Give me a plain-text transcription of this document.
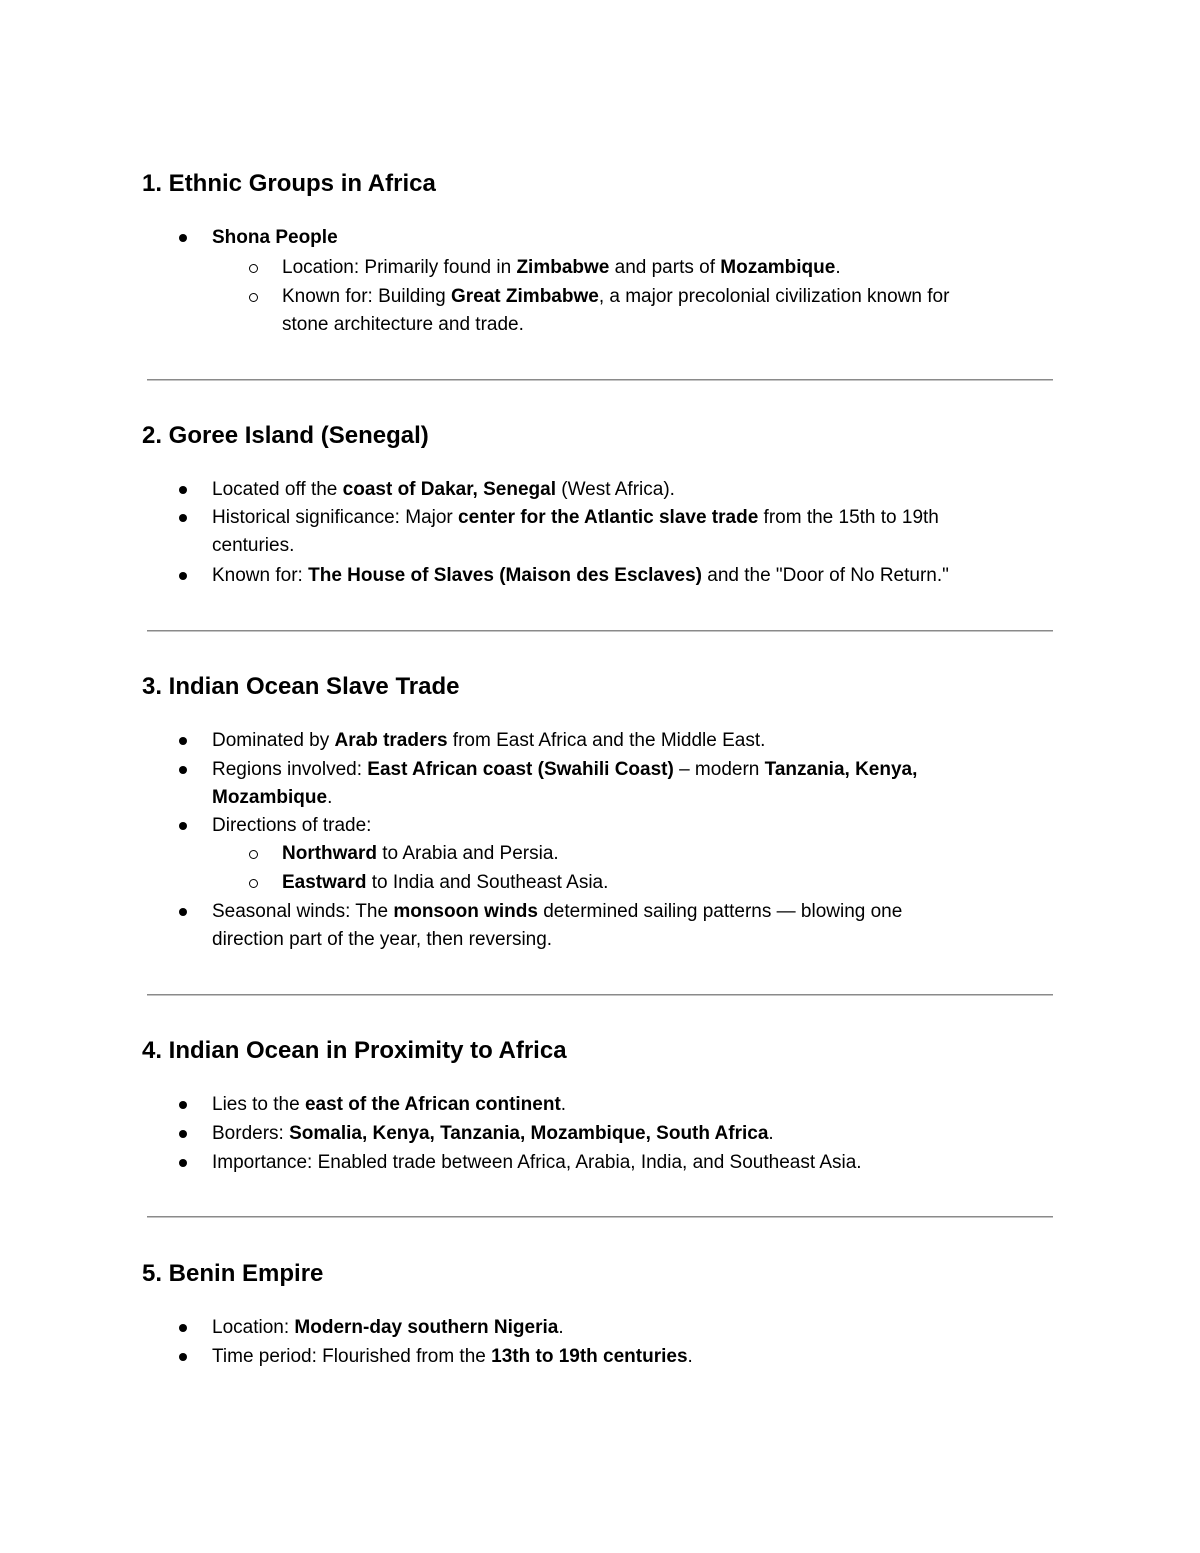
1. Ethnic Groups in Africa
Shona People
Location: Primarily found in Zimbabwe and parts of Mozambique.
Known for: Building Great Zimbabwe, a major precolonial civilization known for
stone architecture and trade.
2. Goree Island (Senegal)
Located off the coast of Dakar, Senegal (West Africa).
Historical significance: Major center for the Atlantic slave trade from the 15th to 19th
centuries.
Known for: The House of Slaves (Maison des Esclaves) and the "Door of No Return."
3. Indian Ocean Slave Trade
Dominated by Arab traders from East Africa and the Middle East.
Regions involved: East African coast (Swahili Coast) – modern Tanzania, Kenya,
Mozambique.
Directions of trade:
Northward to Arabia and Persia.
Eastward to India and Southeast Asia.
Seasonal winds: The monsoon winds determined sailing patterns — blowing one
direction part of the year, then reversing.
4. Indian Ocean in Proximity to Africa
Lies to the east of the African continent.
Borders: Somalia, Kenya, Tanzania, Mozambique, South Africa.
Importance: Enabled trade between Africa, Arabia, India, and Southeast Asia.
5. Benin Empire
Location: Modern-day southern Nigeria.
Time period: Flourished from the 13th to 19th centuries.
